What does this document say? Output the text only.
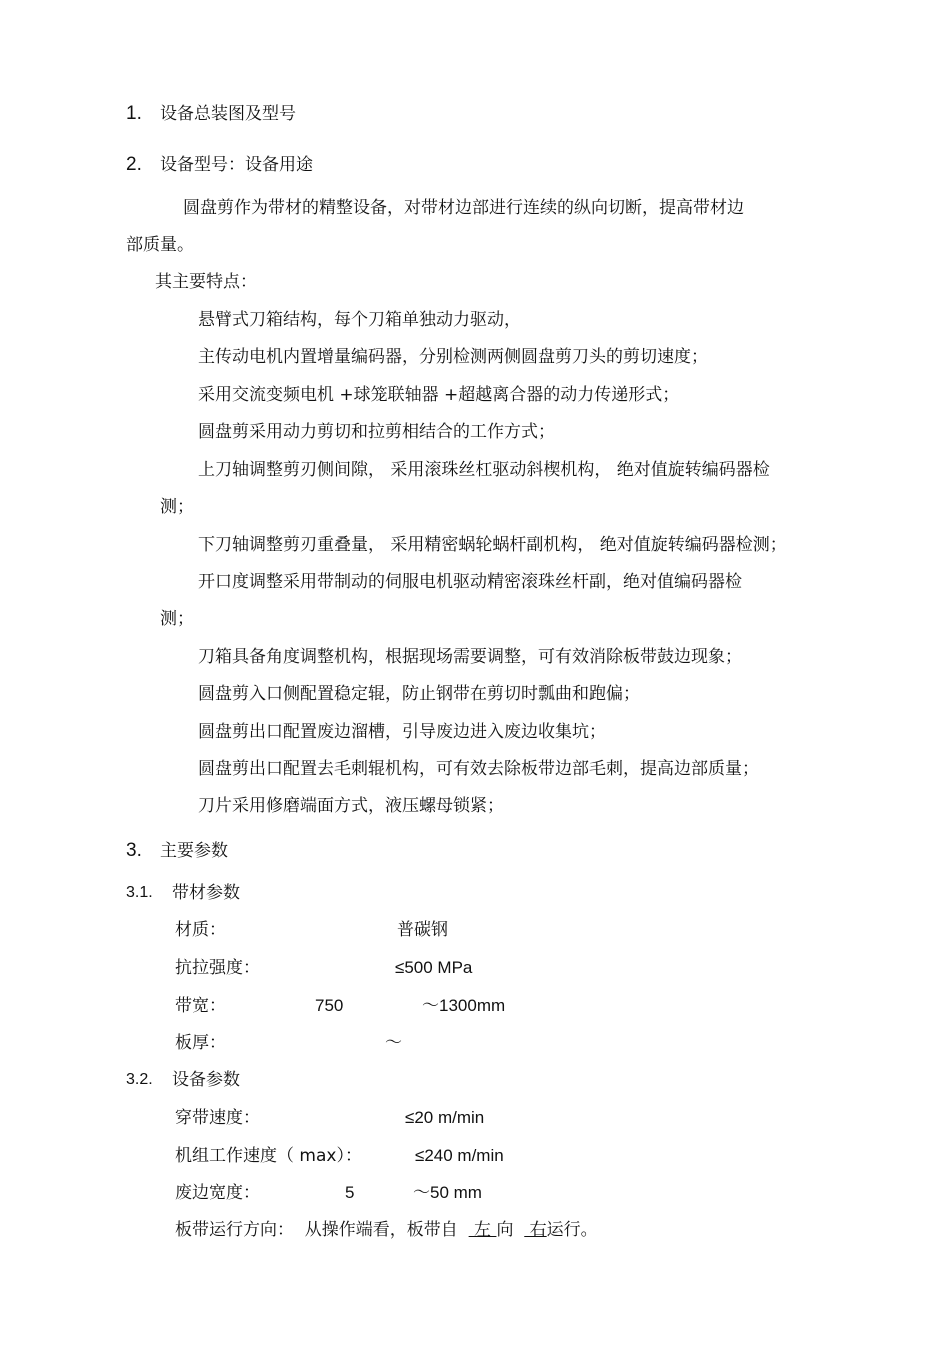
1. 设备总装图及型号
2. 设备型号：设备用途
圆盘剪作为带材的精整设备，对带材边部进行连续的纵向切断，提高带材边
部质量。
其主要特点：
悬臂式刀箱结构，每个刀箱单独动力驱动，
主传动电机内置增量编码器，分别检测两侧圆盘剪刀头的剪切速度；
采用交流变频电机 +球笼联轴器 +超越离合器的动力传递形式；
圆盘剪采用动力剪切和拉剪相结合的工作方式；
上刀轴调整剪刃侧间隙， 采用滚珠丝杠驱动斜楔机构， 绝对值旋转编码器检
测；
下刀轴调整剪刃重叠量， 采用精密蜗轮蜗杆副机构， 绝对值旋转编码器检测；
开口度调整采用带制动的伺服电机驱动精密滚珠丝杆副，绝对值编码器检
测；
刀箱具备角度调整机构，根据现场需要调整，可有效消除板带鼓边现象；
圆盘剪入口侧配置稳定辊，防止钢带在剪切时瓢曲和跑偏；
圆盘剪出口配置废边溜槽，引导废边进入废边收集坑；
圆盘剪出口配置去毛刺辊机构，可有效去除板带边部毛刺，提高边部质量；
刀片采用修磨端面方式，液压螺母锁紧；
3. 主要参数
3.1. 带材参数
材质：	普碳钢
抗拉强度：	≤500 MPa
带宽：	750	～1300mm
板厚：	～
3.2. 设备参数
穿带速度：	≤20 m/min
机组工作速度（ max）：	≤240 m/min
废边宽度：	5	～50 mm
板带运行方向：  从操作端看，板带自   左 向   右运行。
